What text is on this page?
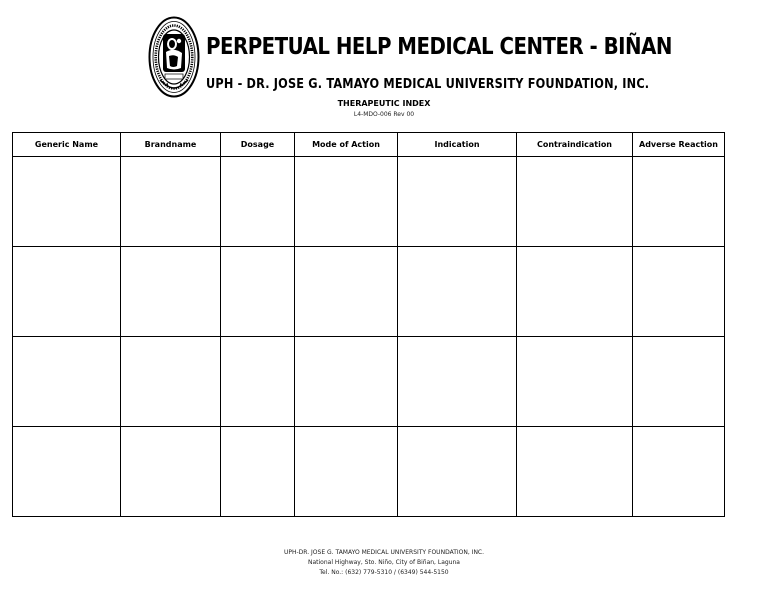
PERPETUAL HELP MEDICAL CENTER - BIÑAN
UPH - DR. JOSE G. TAMAYO MEDICAL UNIVERSITY FOUNDATION, INC.
THERAPEUTIC INDEX
L4-MDO-006 Rev 00
Generic Name	Brandname	Dosage	Mode of Action	Indication	Contraindication	Adverse Reaction

UPH-DR. JOSE G. TAMAYO MEDICAL UNIVERSITY FOUNDATION, INC.
National Highway, Sto. Niño, City of Biñan, Laguna
Tel. No.: (632) 779-5310 / (6349) 544-5150
